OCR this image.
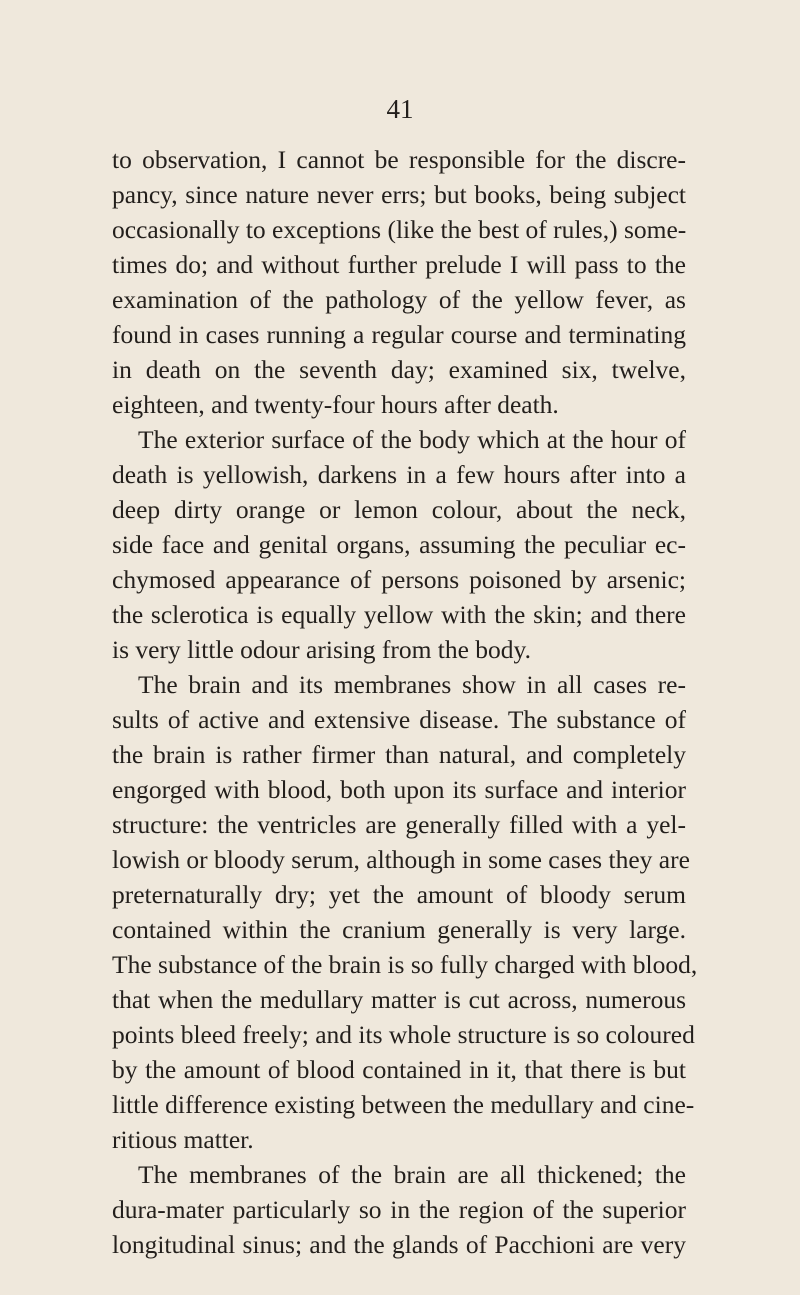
41
to observation, I cannot be responsible for the discre-
pancy, since nature never errs; but books, being subject
occasionally to exceptions (like the best of rules,) some-
times do; and without further prelude I will pass to the
examination of the pathology of the yellow fever, as
found in cases running a regular course and terminating
in death on the seventh day; examined six, twelve,
eighteen, and twenty-four hours after death.
The exterior surface of the body which at the hour of
death is yellowish, darkens in a few hours after into a
deep dirty orange or lemon colour, about the neck,
side face and genital organs, assuming the peculiar ec-
chymosed appearance of persons poisoned by arsenic;
the sclerotica is equally yellow with the skin; and there
is very little odour arising from the body.
The brain and its membranes show in all cases re-
sults of active and extensive disease. The substance of
the brain is rather firmer than natural, and completely
engorged with blood, both upon its surface and interior
structure: the ventricles are generally filled with a yel-
lowish or bloody serum, although in some cases they are
preternaturally dry; yet the amount of bloody serum
contained within the cranium generally is very large.
The substance of the brain is so fully charged with blood,
that when the medullary matter is cut across, numerous
points bleed freely; and its whole structure is so coloured
by the amount of blood contained in it, that there is but
little difference existing between the medullary and cine-
ritious matter.
The membranes of the brain are all thickened; the
dura-mater particularly so in the region of the superior
longitudinal sinus; and the glands of Pacchioni are very
